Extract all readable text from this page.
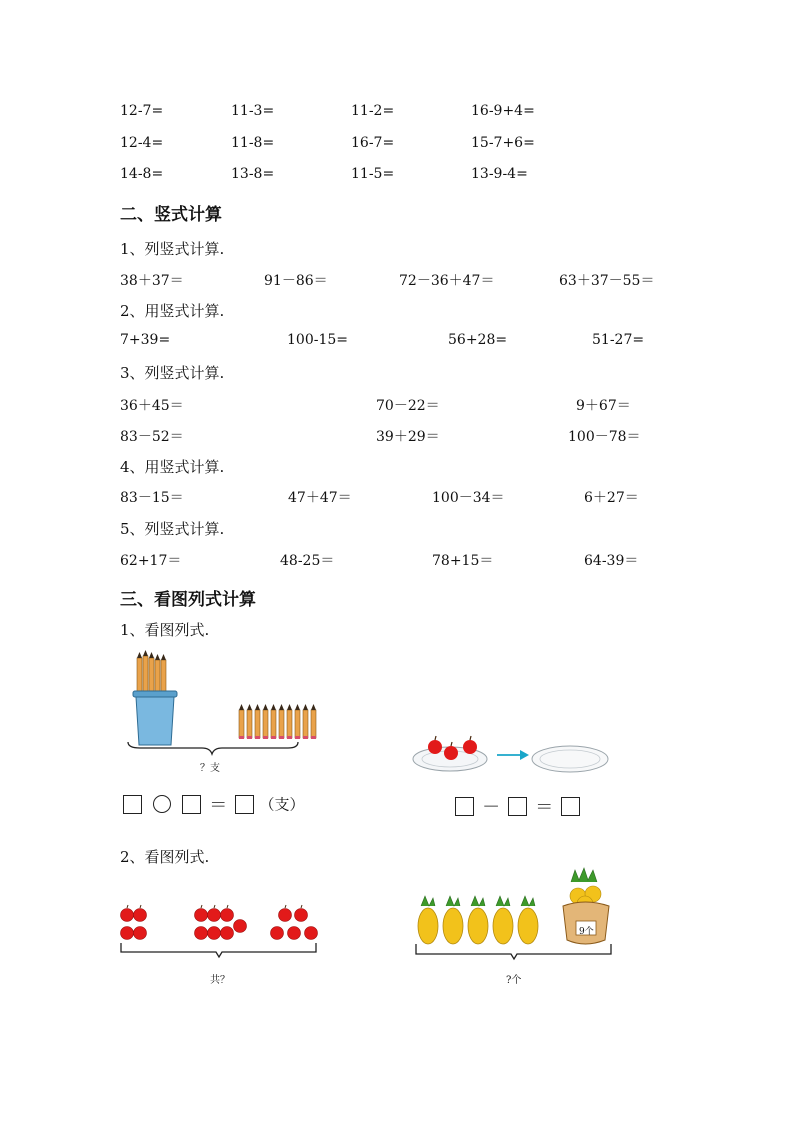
12-7=	11-3=	11-2=	16-9+4=
12-4=	11-8=	16-7=	15-7+6=
14-8=	13-8=	11-5=	13-9-4=
二、竖式计算
1、列竖式计算.
38＋37＝	91－86＝	72－36＋47＝	63＋37－55＝
2、用竖式计算.
7+39=	100-15=	56+28=	51-27=
3、列竖式计算.
36＋45＝	70－22＝	9＋67＝
83－52＝	39＋29＝	100－78＝
4、用竖式计算.
83－15＝	47＋47＝	100－34＝	6＋27＝
5、列竖式计算.
62+17＝	48-25＝	78+15＝	64-39＝
三、看图列式计算
1、看图列式.
？支
＝ （支）	－ ＝
2、看图列式.
共？
9个
?个
